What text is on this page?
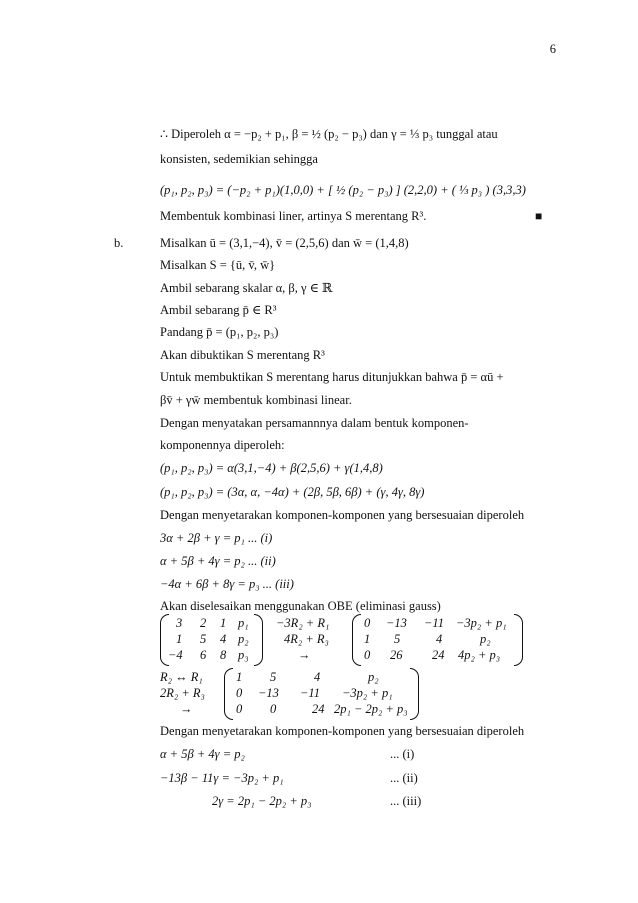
6
∴ Diperoleh α = −p₂ + p₁, β = ½ (p₂ − p₃) dan γ = ⅓ p₃ tunggal atau
konsisten, sedemikian sehingga
(p₁, p₂, p₃) = (−p₂ + p₁)(1,0,0) + [ ½ (p₂ − p₃) ] (2,2,0) + ( ⅓ p₃ ) (3,3,3)
Membentuk kombinasi liner, artinya S merentang R³.	■
b.	Misalkan ū = (3,1,−4), v̄ = (2,5,6) dan w̄ = (1,4,8)
Misalkan S = {ū, v̄, w̄}
Ambil sebarang skalar α, β, γ ∈ ℝ
Ambil sebarang p̄ ∈ R³
Pandang p̄ = (p₁, p₂, p₃)
Akan dibuktikan S merentang R³
Untuk membuktikan S merentang harus ditunjukkan bahwa p̄ = αū +
βv̄ + γw̄ membentuk kombinasi linear.
Dengan menyatakan persamannnya dalam bentuk komponen-
komponennya diperoleh:
(p₁, p₂, p₃) = α(3,1,−4) + β(2,5,6) + γ(1,4,8)
(p₁, p₂, p₃) = (3α, α, −4α) + (2β, 5β, 6β) + (γ, 4γ, 8γ)
Dengan menyetarakan komponen-komponen yang bersesuaian diperoleh
3α + 2β + γ = p₁ ... (i)
α + 5β + 4γ = p₂ ... (ii)
−4α + 6β + 8γ = p₃ ... (iii)
Akan diselesaikan menggunakan OBE (eliminasi gauss)
3 2 1 p₁
1 5 4 p₂
−4 6 8 p₃
−3R₂ + R₁
4R₂ + R₃
→
0 −13 −11 −3p₂ + p₁
1 5	4	p₂
0 26 24 4p₂ + p₃
R₂ ↔ R₁
2R₂ + R₃
→
1 5	4	p₂
0 −13 −11 −3p₂ + p₁
0 0	24 2p₁ − 2p₂ + p₃
Dengan menyetarakan komponen-komponen yang bersesuaian diperoleh
α + 5β + 4γ = p₂	... (i)
−13β − 11γ = −3p₂ + p₁	... (ii)
2γ = 2p₁ − 2p₂ + p₃	... (iii)
